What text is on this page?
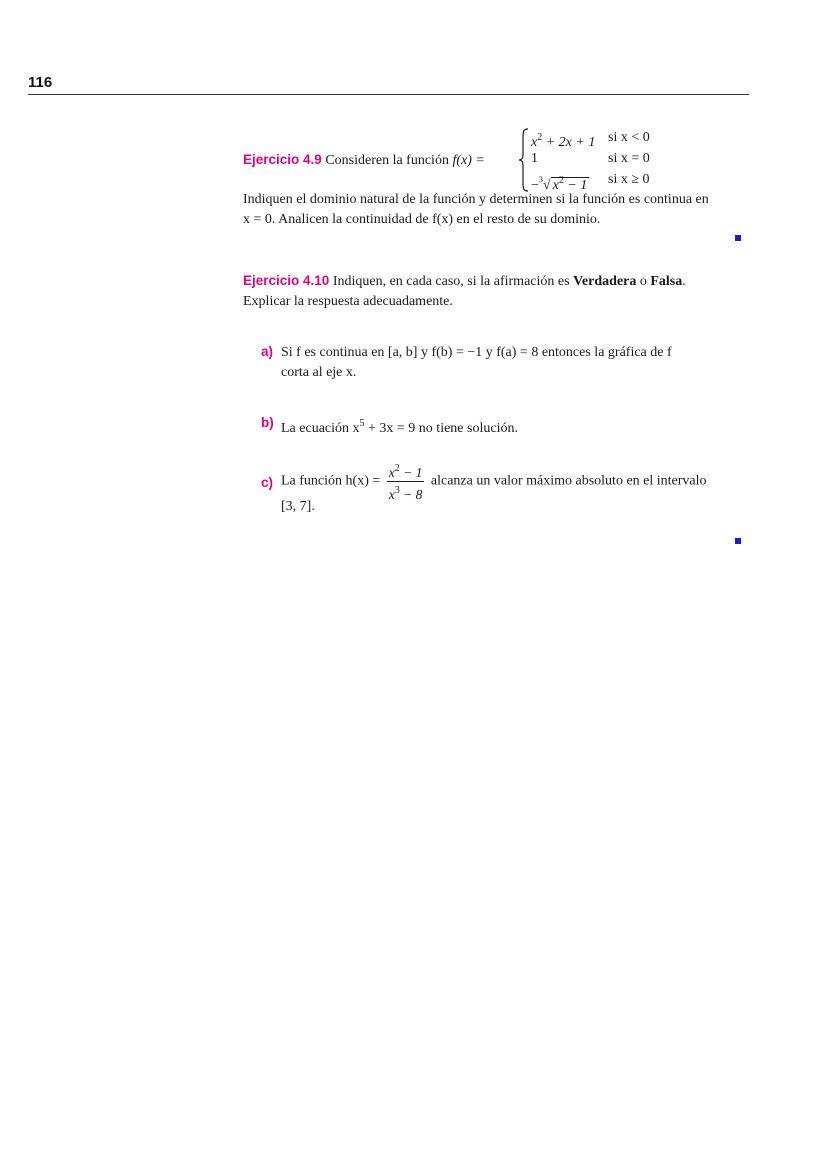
116
Ejercicio 4.9 Consideren la función f(x) =
$x^2 + 2x + 1$ si x < 0
1	si x = 0
−$^3$√ $x^2 - 1$ si x ≥ 0
Indiquen el dominio natural de la función y determinen si la función es continua en
x = 0. Analicen la continuidad de f(x) en el resto de su dominio.
Ejercicio 4.10 Indiquen, en cada caso, si la afirmación es Verdadera o Falsa.
Explicar la respuesta adecuadamente.
a) Si f es continua en [a, b] y f(b) = −1 y f(a) = 8 entonces la gráfica de f
corta al eje x.
b) La ecuación $x^5 + 3x = 9$ no tiene solución.
c) La función $h(x) = \frac{x^2 - 1}{x^3 - 8}$ alcanza un valor máximo absoluto en el intervalo
[3, 7].
